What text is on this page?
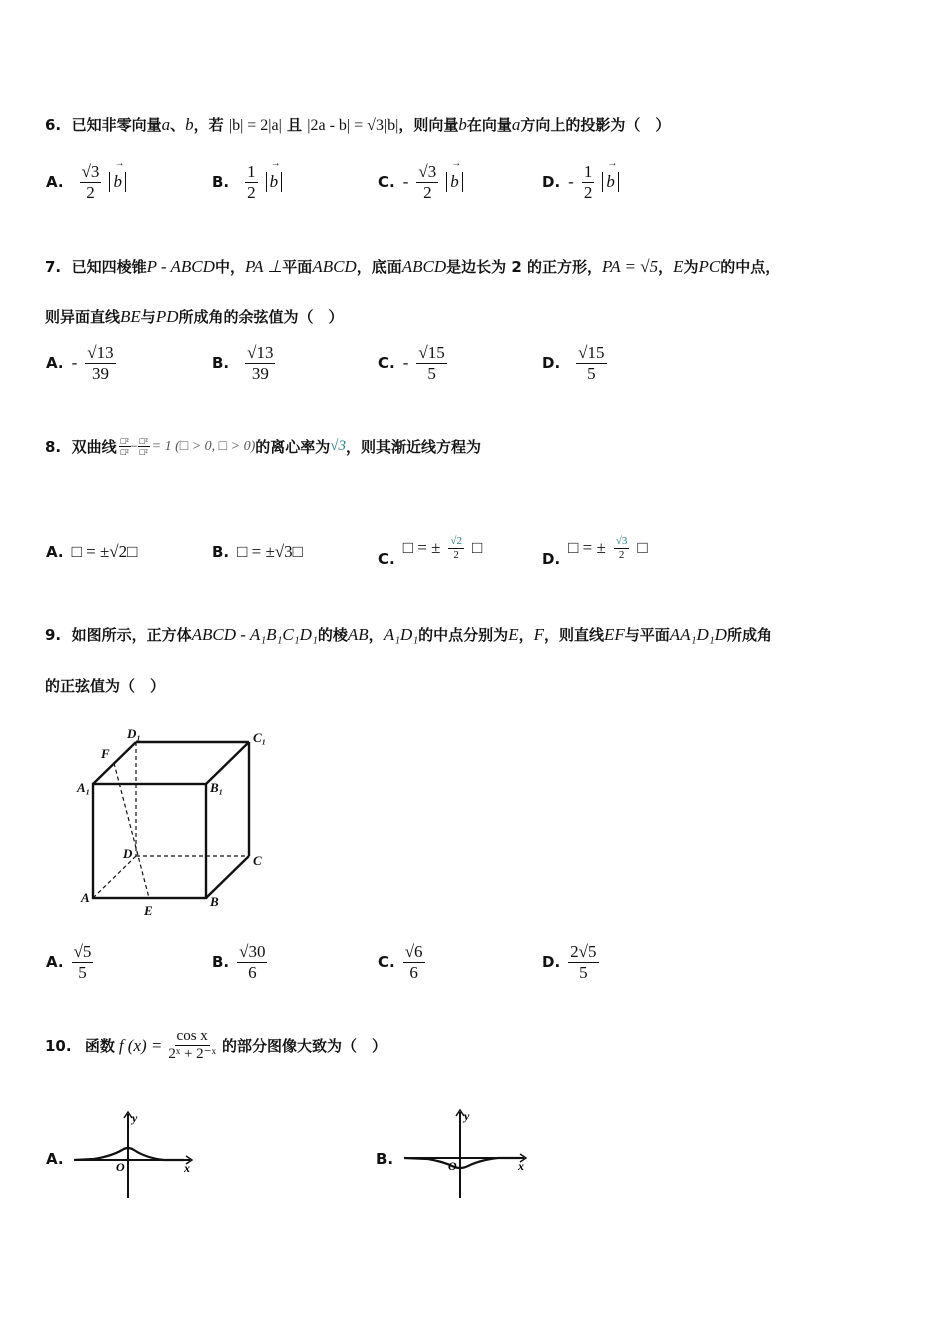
6. 已知非零向量a、b，若 |b| = 2|a| 且 |2a - b| = √3|b|，则向量b在向量a方向上的投影为（　）
A. $\frac{√3}{2}$
→ b	B. $\frac{1}{2}$
→ b	C. - $\frac{√3}{2}$
→ b	D. - $\frac{1}{2}$
→ b
7. 已知四棱锥P - ABCD中，PA ⊥平面ABCD，底面ABCD是边长为 2 的正方形，PA = √5，E为PC的中点，
则异面直线BE与PD所成角的余弦值为（　）
A. - $\frac{√13}{39}$	B. $\frac{√13}{39}$	C. - $\frac{√15}{5}$	D. $\frac{√15}{5}$
8.
双曲线 $\frac{\text{□²}}{\text{□²}} - \frac{\text{□²}}{\text{□²}} = 1$ (□ > 0, □ > 0) 的离心率为 √3 ，则其渐近线方程为
A. □ = ±√2□	B. □ = ±√3□	C.
□ = ± $\frac{√2}{2}$ □
D.
□ = ± $\frac{√3}{2}$ □
9. 如图所示，正方体ABCD - A₁B₁C₁D₁的棱AB，A₁D₁的中点分别为E，F，则直线EF与平面AA₁D₁D所成角
的正弦值为（　）
D₁	C₁
F
A₁	B₁
D	C
A	B
E
A. $\frac{√5}{5}$	B. $\frac{√30}{6}$	C. $\frac{√6}{6}$	D. $\frac{2√5}{5}$
10.
函数 f $(x) = \frac{\text{cos x}}{\text{2ˣ + 2⁻ˣ}}$ 的部分图像大致为（　）
A.
y
x
O	B.
y
x
O
